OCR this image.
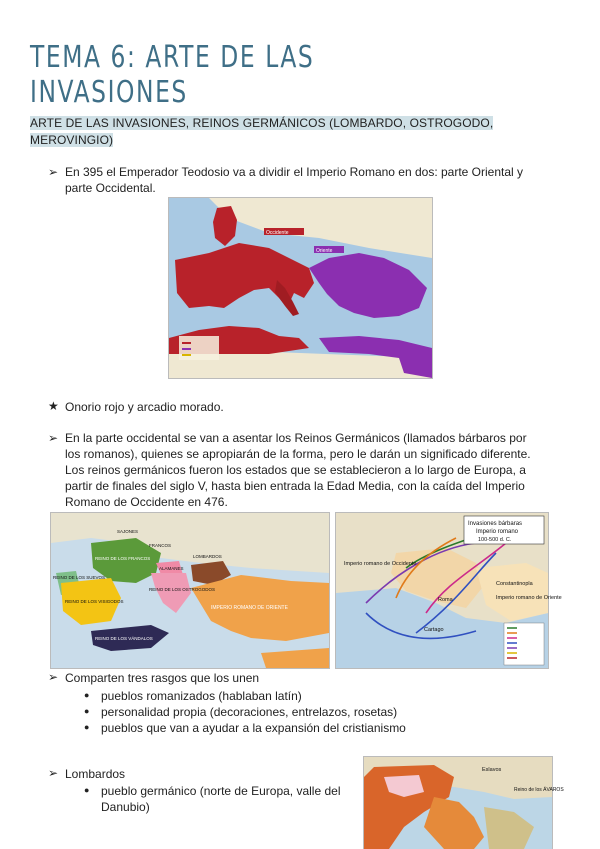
TEMA 6: ARTE DE LAS INVASIONES
ARTE DE LAS INVASIONES, REINOS GERMÁNICOS (LOMBARDO, OSTROGODO, MEROVINGIO)
➢ En 395 el Emperador Teodosio va a dividir el Imperio Romano en dos: parte Oriental y parte Occidental.
Occidente
Oriente
★ Onorio rojo y arcadio morado.
➢ En la parte occidental se van a asentar los Reinos Germánicos (llamados bárbaros por los romanos), quienes se apropiarán de la forma, pero le darán un significado diferente. Los reinos germánicos fueron los estados que se establecieron a lo largo de Europa, a partir de finales del siglo V, hasta bien entrada la Edad Media, con la caída del Imperio Romano de Occidente en 476.
SAJONES
FRANCOS
REINO DE LOS FRANCOS
ALAMANES
LOMBARDOS
REINO DE LOS SUEVOS
REINO DE LOS VISIGODOS
REINO DE LOS OSTROGODOS
REINO DE LOS VÁNDALOS
IMPERIO ROMANO DE ORIENTE
Invasiones bárbaras
Imperio romano
100-500 d. C.
Imperio romano de Occidente
Roma
Constantinopla
Imperio romano de Oriente
Cartago
➢ Comparten tres rasgos que los unen
● pueblos romanizados (hablaban latín)
● personalidad propia (decoraciones, entrelazos, rosetas)
● pueblos que van a ayudar a la expansión del cristianismo
➢ Lombardos
● pueblo germánico (norte de Europa, valle del Danubio)
Eslavos
Reino de los ÁVAROS
